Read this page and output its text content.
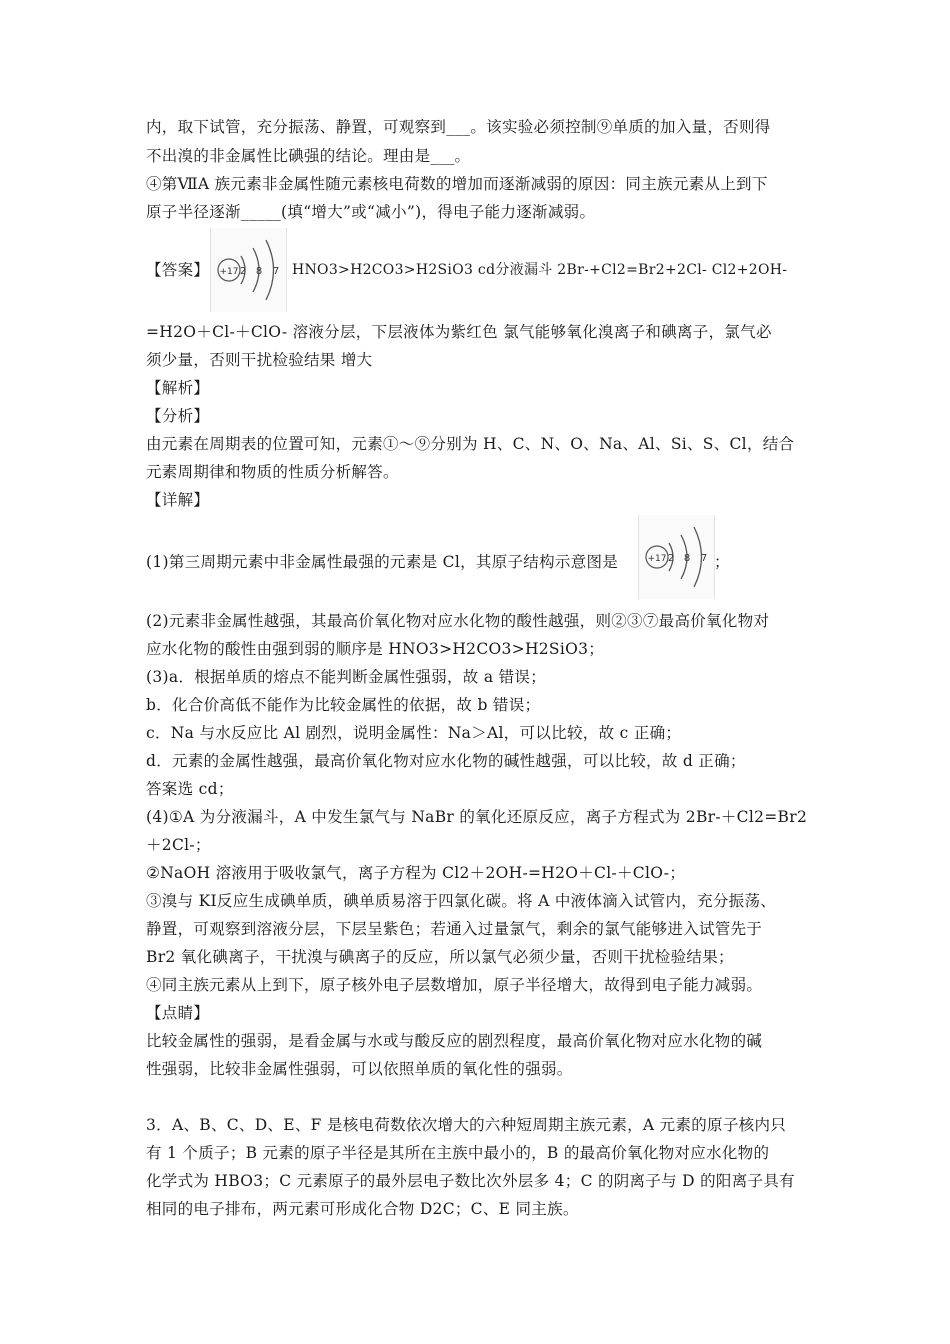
内，取下试管，充分振荡、静置，可观察到___。该实验必须控制⑨单质的加入量，否则得
不出溴的非金属性比碘强的结论。理由是___。
④第ⅦA 族元素非金属性随元素核电荷数的增加而逐渐减弱的原因：同主族元素从上到下
原子半径逐渐_____(填“增大”或“减小”)，得电子能力逐渐减弱。
【答案】	+17 2 8 7 HNO3>H2CO3>H2SiO3 cd分液漏斗 2Br-+Cl2=Br2+2Cl- Cl2+2OH-
=H2O＋Cl-＋ClO- 溶液分层，下层液体为紫红色 氯气能够氧化溴离子和碘离子，氯气必
须少量，否则干扰检验结果 增大
【解析】
【分析】
由元素在周期表的位置可知，元素①～⑨分别为 H、C、N、O、Na、Al、Si、S、Cl，结合
元素周期律和物质的性质分析解答。
【详解】
(1)第三周期元素中非金属性最强的元素是 Cl，其原子结构示意图是	+17 2 8 7 ；
(2)元素非金属性越强，其最高价氧化物对应水化物的酸性越强，则②③⑦最高价氧化物对
应水化物的酸性由强到弱的顺序是 HNO3>H2CO3>H2SiO3；
(3)a．根据单质的熔点不能判断金属性强弱，故 a 错误；
b．化合价高低不能作为比较金属性的依据，故 b 错误；
c．Na 与水反应比 Al 剧烈，说明金属性：Na＞Al，可以比较，故 c 正确；
d．元素的金属性越强，最高价氧化物对应水化物的碱性越强，可以比较，故 d 正确；
答案选 cd；
(4)①A 为分液漏斗，A 中发生氯气与 NaBr 的氧化还原反应，离子方程式为 2Br-＋Cl2=Br2
＋2Cl-；
②NaOH 溶液用于吸收氯气，离子方程为 Cl2＋2OH-=H2O＋Cl-＋ClO-；
③溴与 KI反应生成碘单质，碘单质易溶于四氯化碳。将 A 中液体滴入试管内，充分振荡、
静置，可观察到溶液分层，下层呈紫色；若通入过量氯气，剩余的氯气能够进入试管先于
Br2 氧化碘离子，干扰溴与碘离子的反应，所以氯气必须少量，否则干扰检验结果；
④同主族元素从上到下，原子核外电子层数增加，原子半径增大，故得到电子能力减弱。
【点睛】
比较金属性的强弱，是看金属与水或与酸反应的剧烈程度，最高价氧化物对应水化物的碱
性强弱，比较非金属性强弱，可以依照单质的氧化性的强弱。
3．A、B、C、D、E、F 是核电荷数依次增大的六种短周期主族元素，A 元素的原子核内只
有 1 个质子；B 元素的原子半径是其所在主族中最小的，B 的最高价氧化物对应水化物的
化学式为 HBO3；C 元素原子的最外层电子数比次外层多 4；C 的阴离子与 D 的阳离子具有
相同的电子排布，两元素可形成化合物 D2C；C、E 同主族。
